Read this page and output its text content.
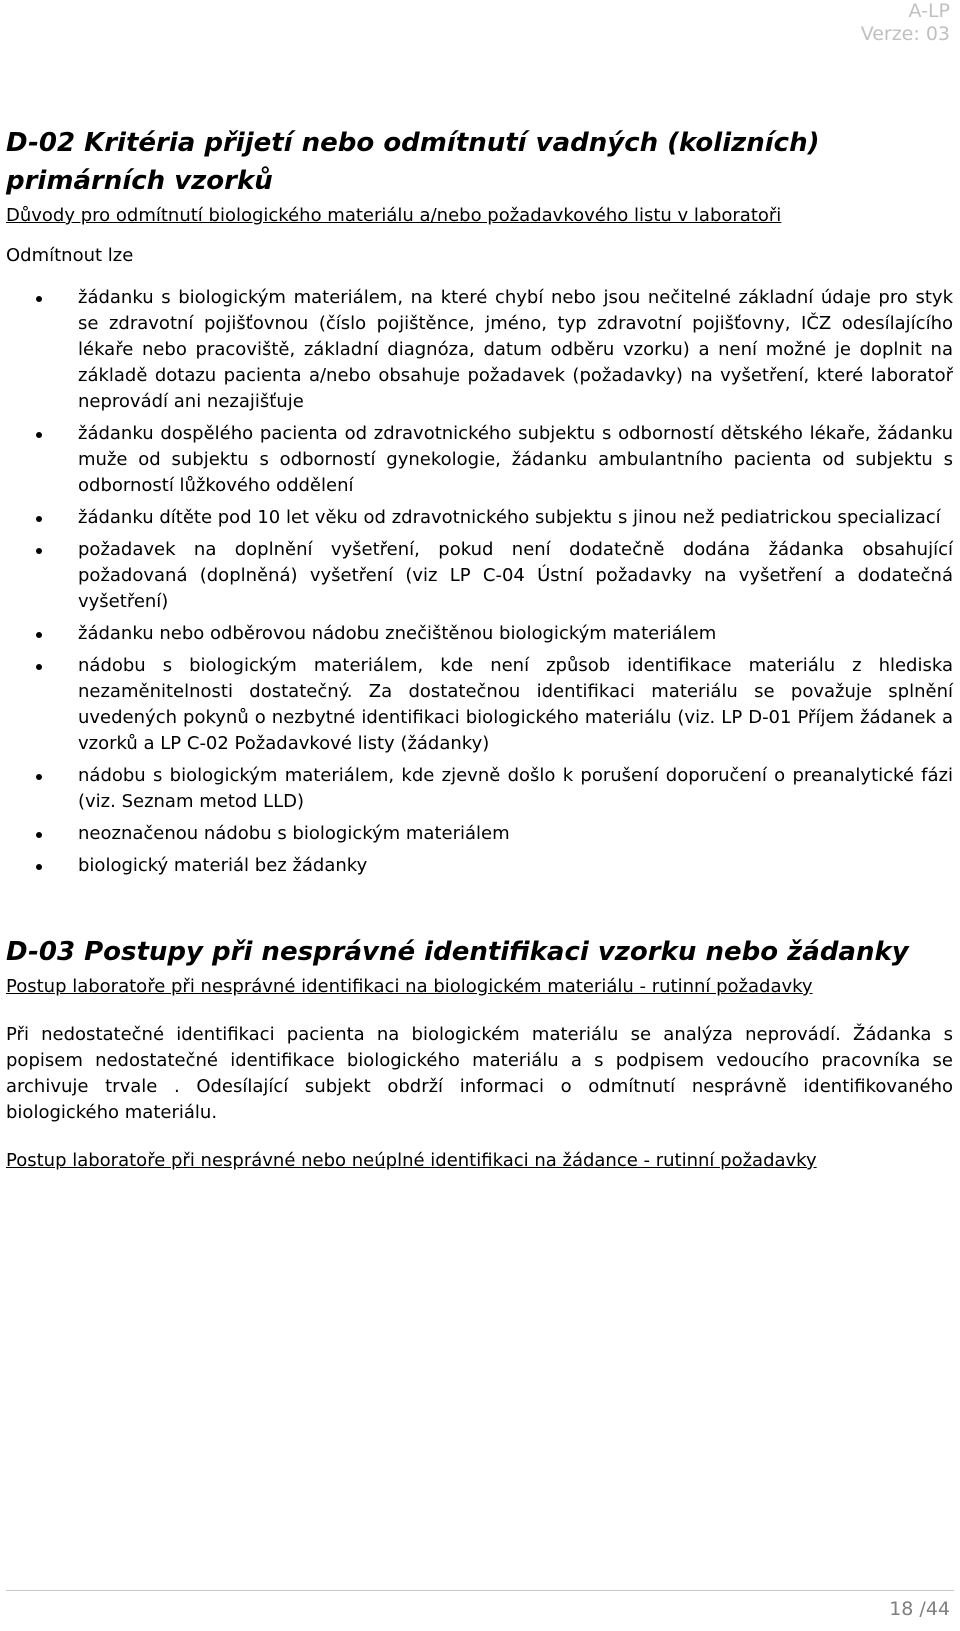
A-LP
Verze: 03
D-02 Kritéria přijetí nebo odmítnutí vadných (kolizních) primárních vzorků

Důvody pro odmítnutí biologického materiálu a/nebo požadavkového listu v laboratoři

Odmítnout lze

žádanku s biologickým materiálem, na které chybí nebo jsou nečitelné základní údaje pro styk se zdravotní pojišťovnou (číslo pojištěnce, jméno, typ zdravotní pojišťovny, IČZ odesílajícího lékaře nebo pracoviště, základní diagnóza, datum odběru vzorku) a není možné je doplnit na základě dotazu pacienta a/nebo obsahuje požadavek (požadavky) na vyšetření, které laboratoř neprovádí ani nezajišťuje
žádanku dospělého pacienta od zdravotnického subjektu s odborností dětského lékaře, žádanku muže od subjektu s odborností gynekologie, žádanku ambulantního pacienta od subjektu s odborností lůžkového oddělení
žádanku dítěte pod 10 let věku od zdravotnického subjektu s jinou než pediatrickou specializací
požadavek na doplnění vyšetření, pokud není dodatečně dodána žádanka obsahující požadovaná (doplněná) vyšetření (viz LP C-04 Ústní požadavky na vyšetření a dodatečná vyšetření)
žádanku nebo odběrovou nádobu znečištěnou biologickým materiálem
nádobu s biologickým materiálem, kde není způsob identifikace materiálu z hlediska nezaměnitelnosti dostatečný. Za dostatečnou identifikaci materiálu se považuje splnění uvedených pokynů o nezbytné identifikaci biologického materiálu (viz. LP D-01 Příjem žádanek a vzorků a LP C-02 Požadavkové listy (žádanky)
nádobu s biologickým materiálem, kde zjevně došlo k porušení doporučení o preanalytické fázi (viz. Seznam metod LLD)
neoznačenou nádobu s biologickým materiálem
biologický materiál bez žádanky
D-03 Postupy při nesprávné identifikaci vzorku nebo žádanky

Postup laboratoře při nesprávné identifikaci na biologickém materiálu - rutinní požadavky

Při nedostatečné identifikaci pacienta na biologickém materiálu se analýza neprovádí. Žádanka s popisem nedostatečné identifikace biologického materiálu a s podpisem vedoucího pracovníka se archivuje trvale . Odesílající subjekt obdrží informaci o odmítnutí nesprávně identifikovaného biologického materiálu.

Postup laboratoře při nesprávné nebo neúplné identifikaci na žádance - rutinní požadavky

18 /44
